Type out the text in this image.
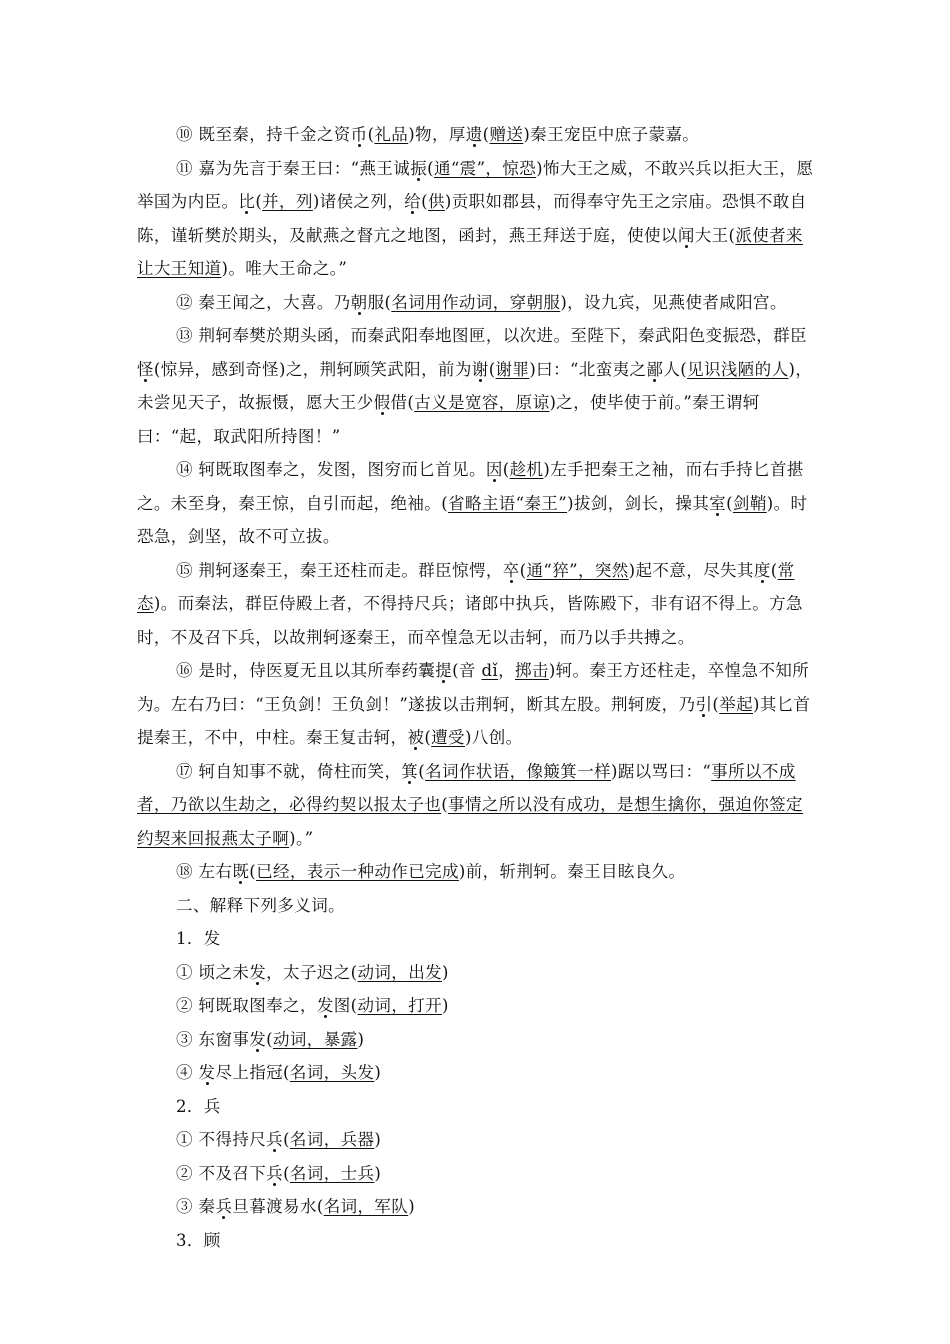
⑩ 既至秦，持千金之资币(礼品)物，厚遗(赠送)秦王宠臣中庶子蒙嘉。

⑪ 嘉为先言于秦王曰：“燕王诚振(通“震”，惊恐)怖大王之威，不敢兴兵以拒大王，愿举国为内臣。比(并，列)诸侯之列，给(供)贡职如郡县，而得奉守先王之宗庙。恐惧不敢自陈，谨斩樊於期头，及献燕之督亢之地图，函封，燕王拜送于庭，使使以闻大王(派使者来让大王知道)。唯大王命之。”

⑫ 秦王闻之，大喜。乃朝服(名词用作动词，穿朝服)，设九宾，见燕使者咸阳宫。

⑬ 荆轲奉樊於期头函，而秦武阳奉地图匣，以次进。至陛下，秦武阳色变振恐，群臣怪(惊异，感到奇怪)之，荆轲顾笑武阳，前为谢(谢罪)曰：“北蛮夷之鄙人(见识浅陋的人)，未尝见天子，故振慑，愿大王少假借(古义是宽容，原谅)之，使毕使于前。”秦王谓轲曰：“起，取武阳所持图！”

⑭ 轲既取图奉之，发图，图穷而匕首见。因(趁机)左手把秦王之袖，而右手持匕首揕之。未至身，秦王惊，自引而起，绝袖。(省略主语“秦王”)拔剑，剑长，操其室(剑鞘)。时恐急，剑坚，故不可立拔。

⑮ 荆轲逐秦王，秦王还柱而走。群臣惊愕，卒(通“猝”，突然)起不意，尽失其度(常态)。而秦法，群臣侍殿上者，不得持尺兵；诸郎中执兵，皆陈殿下，非有诏不得上。方急时，不及召下兵，以故荆轲逐秦王，而卒惶急无以击轲，而乃以手共搏之。

⑯ 是时，侍医夏无且以其所奉药囊提(音 dǐ，掷击)轲。秦王方还柱走，卒惶急不知所为。左右乃曰：“王负剑！王负剑！”遂拔以击荆轲，断其左股。荆轲废，乃引(举起)其匕首提秦王，不中，中柱。秦王复击轲，被(遭受)八创。

⑰ 轲自知事不就，倚柱而笑，箕(名词作状语，像簸箕一样)踞以骂曰：“事所以不成者，乃欲以生劫之，必得约契以报太子也(事情之所以没有成功，是想生擒你，强迫你签定约契来回报燕太子啊)。”

⑱ 左右既(已经，表示一种动作已完成)前，斩荆轲。秦王目眩良久。

二、解释下列多义词。

1．发

① 顷之未发，太子迟之(动词，出发)

② 轲既取图奉之，发图(动词，打开)

③ 东窗事发(动词，暴露)

④ 发尽上指冠(名词，头发)

2．兵

① 不得持尺兵(名词，兵器)

② 不及召下兵(名词，士兵)

③ 秦兵旦暮渡易水(名词，军队)

3．顾
